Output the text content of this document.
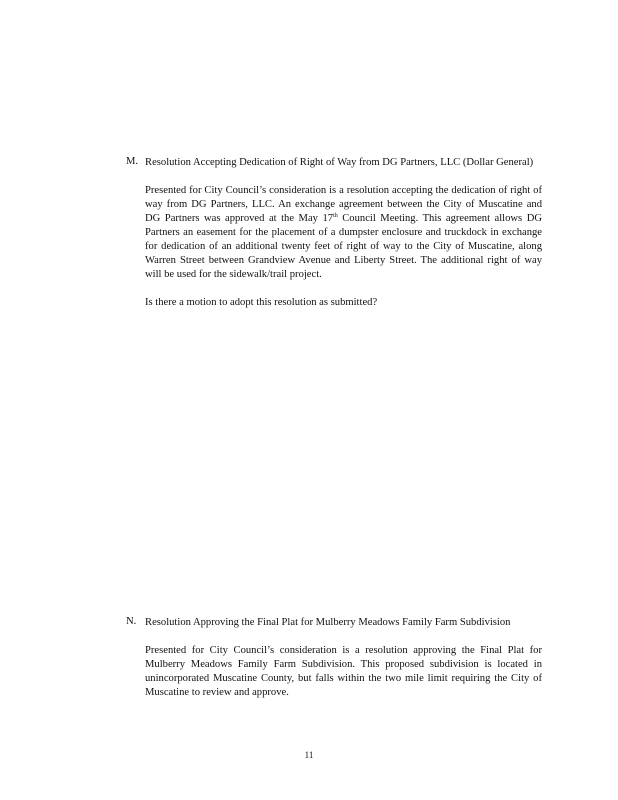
M. Resolution Accepting Dedication of Right of Way from DG Partners, LLC (Dollar General)

Presented for City Council’s consideration is a resolution accepting the dedication of right of way from DG Partners, LLC. An exchange agreement between the City of Muscatine and DG Partners was approved at the May 17th Council Meeting. This agreement allows DG Partners an easement for the placement of a dumpster enclosure and truckdock in exchange for dedication of an additional twenty feet of right of way to the City of Muscatine, along Warren Street between Grandview Avenue and Liberty Street. The additional right of way will be used for the sidewalk/trail project.

Is there a motion to adopt this resolution as submitted?

N. Resolution Approving the Final Plat for Mulberry Meadows Family Farm Subdivision

Presented for City Council’s consideration is a resolution approving the Final Plat for Mulberry Meadows Family Farm Subdivision. This proposed subdivision is located in unincorporated Muscatine County, but falls within the two mile limit requiring the City of Muscatine to review and approve.

11
